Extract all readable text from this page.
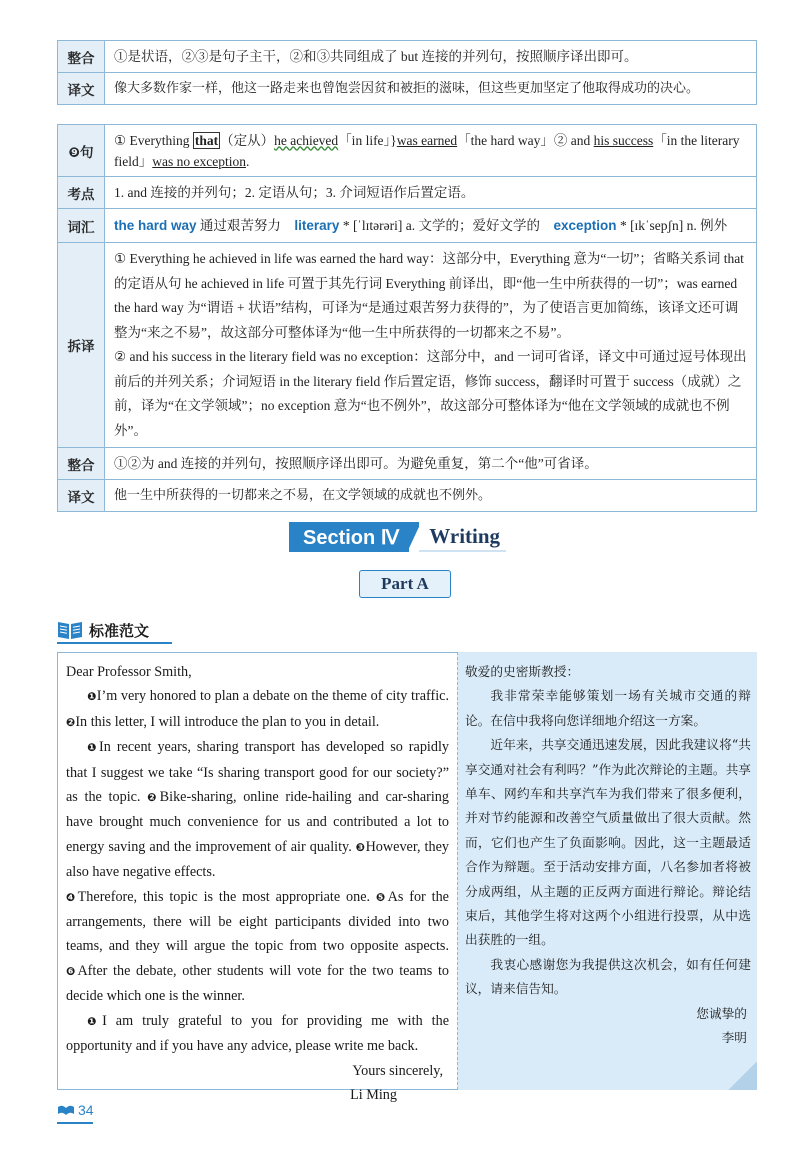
整合	①是状语，②③是句子主干，②和③共同组成了 but 连接的并列句，按照顺序译出即可。
译文	像大多数作家一样，他这一路走来也曾饱尝因贫和被拒的滋味，但这些更加坚定了他取得成功的决心。
❾句	① Everything that （定从）he achieved「in life」}was earned「the hard way」② and his success「in the literary field」was no exception.
考点	1. and 连接的并列句；2. 定语从句；3. 介词短语作后置定语。
词汇	the hard way 通过艰苦努力 literary * [ˈlɪtərəri] a. 文学的；爱好文学的 exception * [ɪkˈsepʃn] n. 例外
拆译	① Everything he achieved in life was earned the hard way：这部分中，Everything 意为“一切”；省略关系词 that 的定语从句 he achieved in life 可置于其先行词 Everything 前译出，即“他一生中所获得的一切”；was earned the hard way 为“谓语 + 状语”结构，可译为“是通过艰苦努力获得的”，为了使语言更加简练，该译文还可调整为“来之不易”，故这部分可整体译为“他一生中所获得的一切都来之不易”。
② and his success in the literary field was no exception：这部分中，and 一词可省译，译文中可通过逗号体现出前后的并列关系；介词短语 in the literary field 作后置定语，修饰 success，翻译时可置于 success（成就）之前，译为“在文学领域”；no exception 意为“也不例外”，故这部分可整体译为“他在文学领域的成就也不例外”。

整合	①②为 and 连接的并列句，按照顺序译出即可。为避免重复，第二个“他”可省译。
译文	他一生中所获得的一切都来之不易，在文学领域的成就也不例外。
Section Ⅳ	Writing
Part A
标准范文

Dear Professor Smith,

❶I’m very honored to plan a debate on the theme of city traffic. ❷In this letter, I will introduce the plan to you in detail.

❶In recent years, sharing transport has developed so rapidly that I suggest we take “Is sharing transport good for our society?” as the topic. ❷Bike-sharing, online ride-hailing and car-sharing have brought much convenience for us and contributed a lot to energy saving and the improvement of air quality. ❸However, they also have negative effects.

❹Therefore, this topic is the most appropriate one. ❺As for the arrangements, there will be eight participants divided into two teams, and they will argue the topic from two opposite aspects. ❻After the debate, other students will vote for the two teams to decide which one is the winner.

❶I am truly grateful to you for providing me with the opportunity and if you have any advice, please write me back.

Yours sincerely,

Li Ming

敬爱的史密斯教授：

我非常荣幸能够策划一场有关城市交通的辩论。在信中我将向您详细地介绍这一方案。

近年来，共享交通迅速发展，因此我建议将“共享交通对社会有利吗？”作为此次辩论的主题。共享单车、网约车和共享汽车为我们带来了很多便利，并对节约能源和改善空气质量做出了很大贡献。然而，它们也产生了负面影响。因此，这一主题最适合作为辩题。至于活动安排方面，八名参加者将被分成两组，从主题的正反两方面进行辩论。辩论结束后，其他学生将对这两个小组进行投票，从中选出获胜的一组。

我衷心感谢您为我提供这次机会，如有任何建议，请来信告知。

您诚挚的

李明

34
